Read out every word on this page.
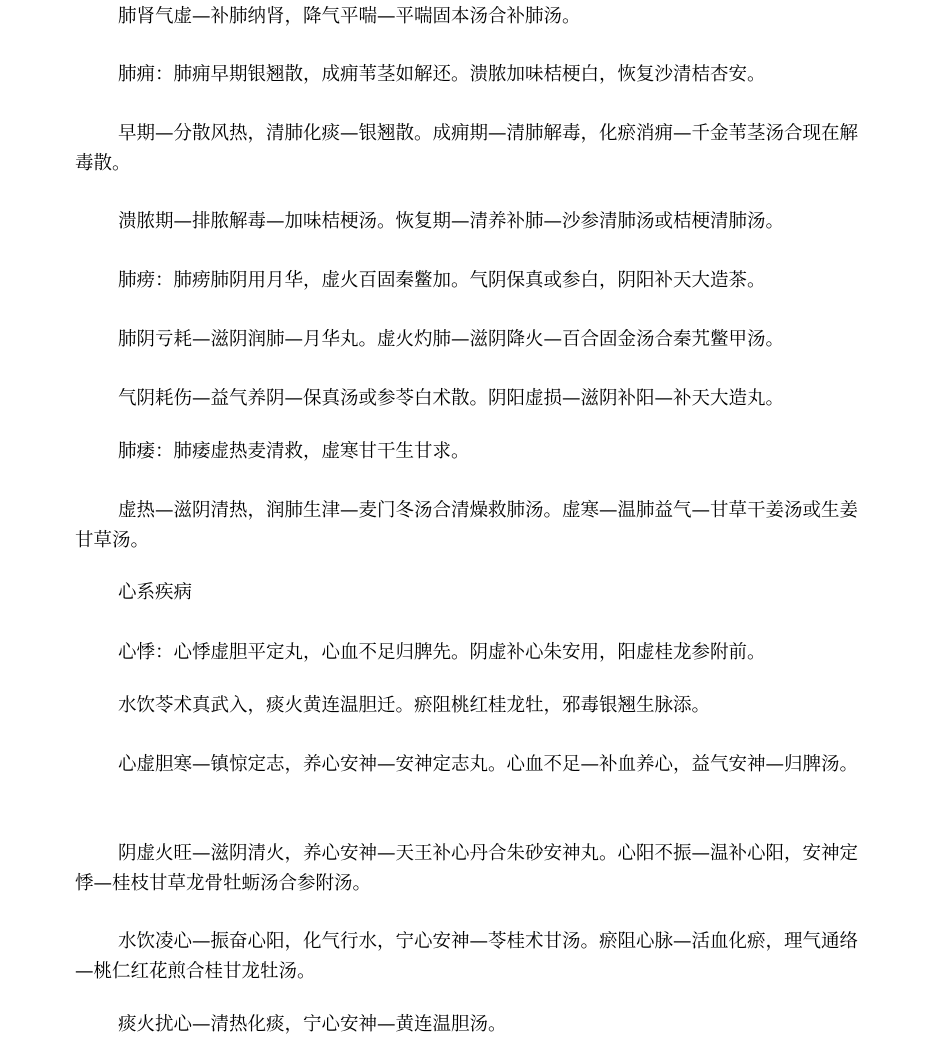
肺肾气虚—补肺纳肾，降气平喘—平喘固本汤合补肺汤。

肺痈：肺痈早期银翘散，成痈苇茎如解还。溃脓加味桔梗白，恢复沙清桔杏安。

早期—分散风热，清肺化痰—银翘散。成痈期—清肺解毒，化瘀消痈—千金苇茎汤合现在解毒散。

溃脓期—排脓解毒—加味桔梗汤。恢复期—清养补肺—沙参清肺汤或桔梗清肺汤。

肺痨：肺痨肺阴用月华，虚火百固秦鳖加。气阴保真或参白，阴阳补天大造茶。

肺阴亏耗—滋阴润肺—月华丸。虚火灼肺—滋阴降火—百合固金汤合秦艽鳖甲汤。

气阴耗伤—益气养阴—保真汤或参苓白术散。阴阳虚损—滋阴补阳—补天大造丸。

肺痿：肺痿虚热麦清救，虚寒甘干生甘求。

虚热—滋阴清热，润肺生津—麦门冬汤合清燥救肺汤。虚寒—温肺益气—甘草干姜汤或生姜甘草汤。

心系疾病

心悸：心悸虚胆平定丸，心血不足归脾先。阴虚补心朱安用，阳虚桂龙参附前。

水饮苓术真武入，痰火黄连温胆迁。瘀阻桃红桂龙牡，邪毒银翘生脉添。

心虚胆寒—镇惊定志，养心安神—安神定志丸。心血不足—补血养心，益气安神—归脾汤。

阴虚火旺—滋阴清火，养心安神—天王补心丹合朱砂安神丸。心阳不振—温补心阳，安神定悸—桂枝甘草龙骨牡蛎汤合参附汤。

水饮凌心—振奋心阳，化气行水，宁心安神—苓桂术甘汤。瘀阻心脉—活血化瘀，理气通络—桃仁红花煎合桂甘龙牡汤。

痰火扰心—清热化痰，宁心安神—黄连温胆汤。
